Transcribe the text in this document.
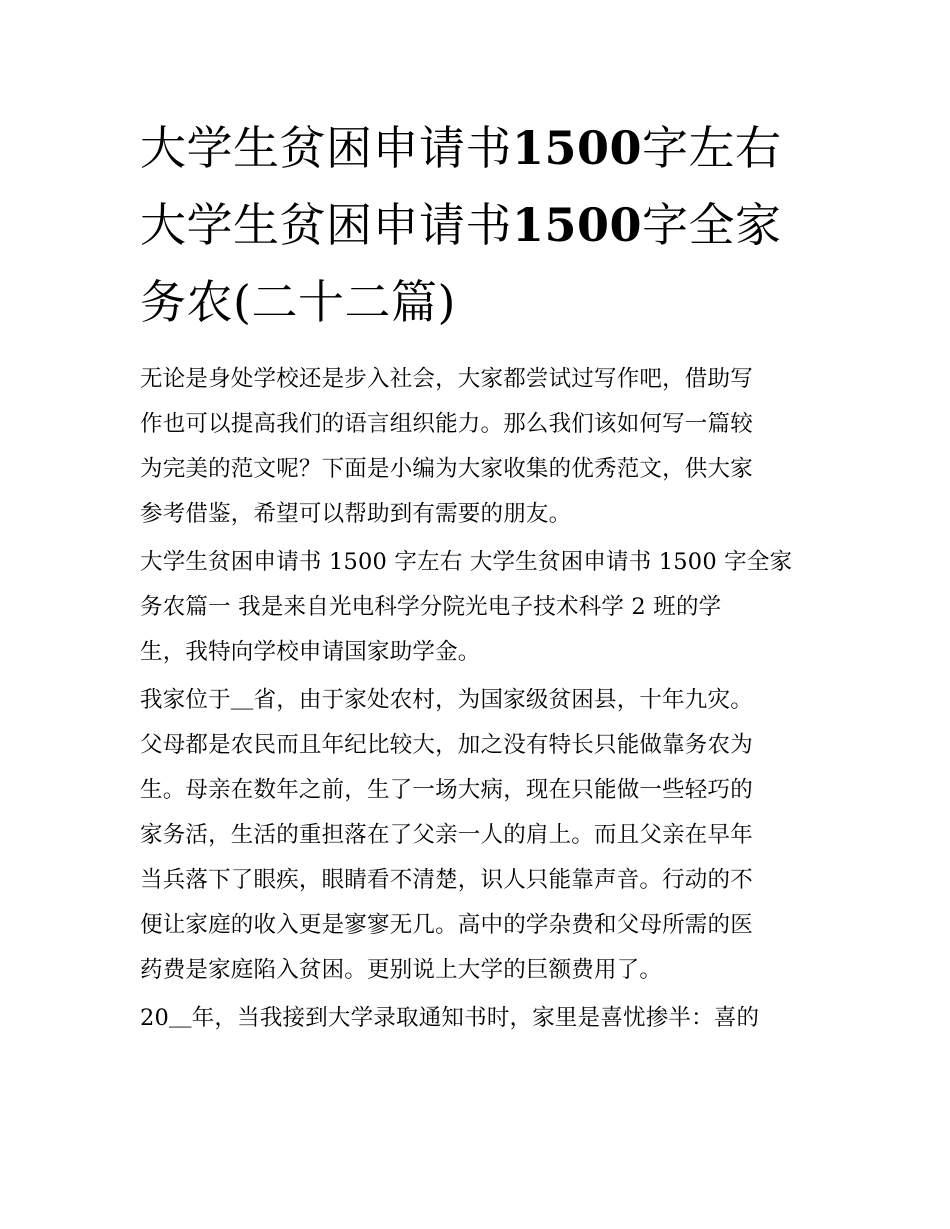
大学生贫困申请书1500字左右
大学生贫困申请书1500字全家
务农(二十二篇)

无论是身处学校还是步入社会，大家都尝试过写作吧，借助写
作也可以提高我们的语言组织能力。那么我们该如何写一篇较
为完美的范文呢？下面是小编为大家收集的优秀范文，供大家
参考借鉴，希望可以帮助到有需要的朋友。

大学生贫困申请书 1500 字左右 大学生贫困申请书 1500 字全家
务农篇一 我是来自光电科学分院光电子技术科学 2 班的学
生，我特向学校申请国家助学金。

我家位于＿省，由于家处农村，为国家级贫困县，十年九灾。
父母都是农民而且年纪比较大，加之没有特长只能做靠务农为
生。母亲在数年之前，生了一场大病，现在只能做一些轻巧的
家务活，生活的重担落在了父亲一人的肩上。而且父亲在早年
当兵落下了眼疾，眼睛看不清楚，识人只能靠声音。行动的不
便让家庭的收入更是寥寥无几。高中的学杂费和父母所需的医
药费是家庭陷入贫困。更别说上大学的巨额费用了。

20＿年，当我接到大学录取通知书时，家里是喜忧掺半：喜的
